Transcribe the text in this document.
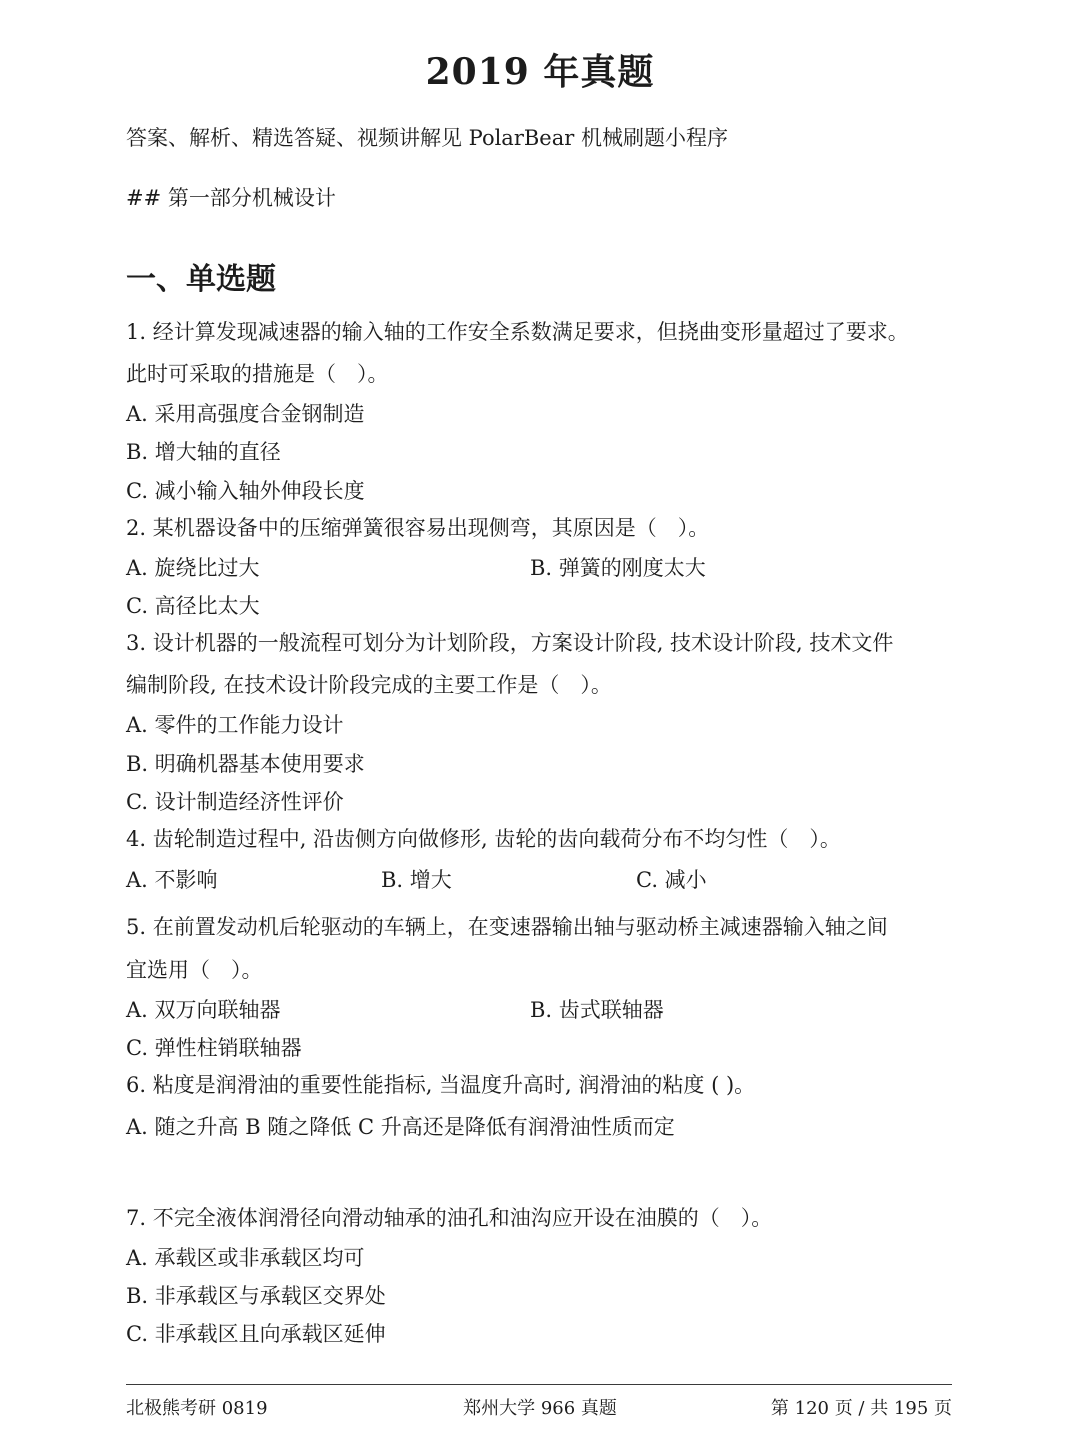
2019 年真题
答案、解析、精选答疑、视频讲解见 PolarBear 机械刷题小程序
## 第一部分机械设计
一、单选题
1. 经计算发现减速器的输入轴的工作安全系数满足要求，但挠曲变形量超过了要求。
此时可采取的措施是（　）。
A. 采用高强度合金钢制造
B. 增大轴的直径
C. 减小输入轴外伸段长度
2. 某机器设备中的压缩弹簧很容易出现侧弯，其原因是（　）。
A. 旋绕比过大	B. 弹簧的刚度太大
C. 高径比太大
3. 设计机器的一般流程可划分为计划阶段，方案设计阶段, 技术设计阶段, 技术文件
编制阶段, 在技术设计阶段完成的主要工作是（　）。
A. 零件的工作能力设计
B. 明确机器基本使用要求
C. 设计制造经济性评价
4. 齿轮制造过程中, 沿齿侧方向做修形, 齿轮的齿向载荷分布不均匀性（　）。
A. 不影响	B. 增大	C. 减小
5. 在前置发动机后轮驱动的车辆上，在变速器输出轴与驱动桥主减速器输入轴之间
宜选用（　）。
A. 双万向联轴器	B. 齿式联轴器
C. 弹性柱销联轴器
6. 粘度是润滑油的重要性能指标, 当温度升高时, 润滑油的粘度 ( )。
A. 随之升高 B 随之降低 C 升高还是降低有润滑油性质而定
7. 不完全液体润滑径向滑动轴承的油孔和油沟应开设在油膜的（　）。
A. 承载区或非承载区均可
B. 非承载区与承载区交界处
C. 非承载区且向承载区延伸
北极熊考研 0819	郑州大学 966 真题	第 120 页 / 共 195 页
